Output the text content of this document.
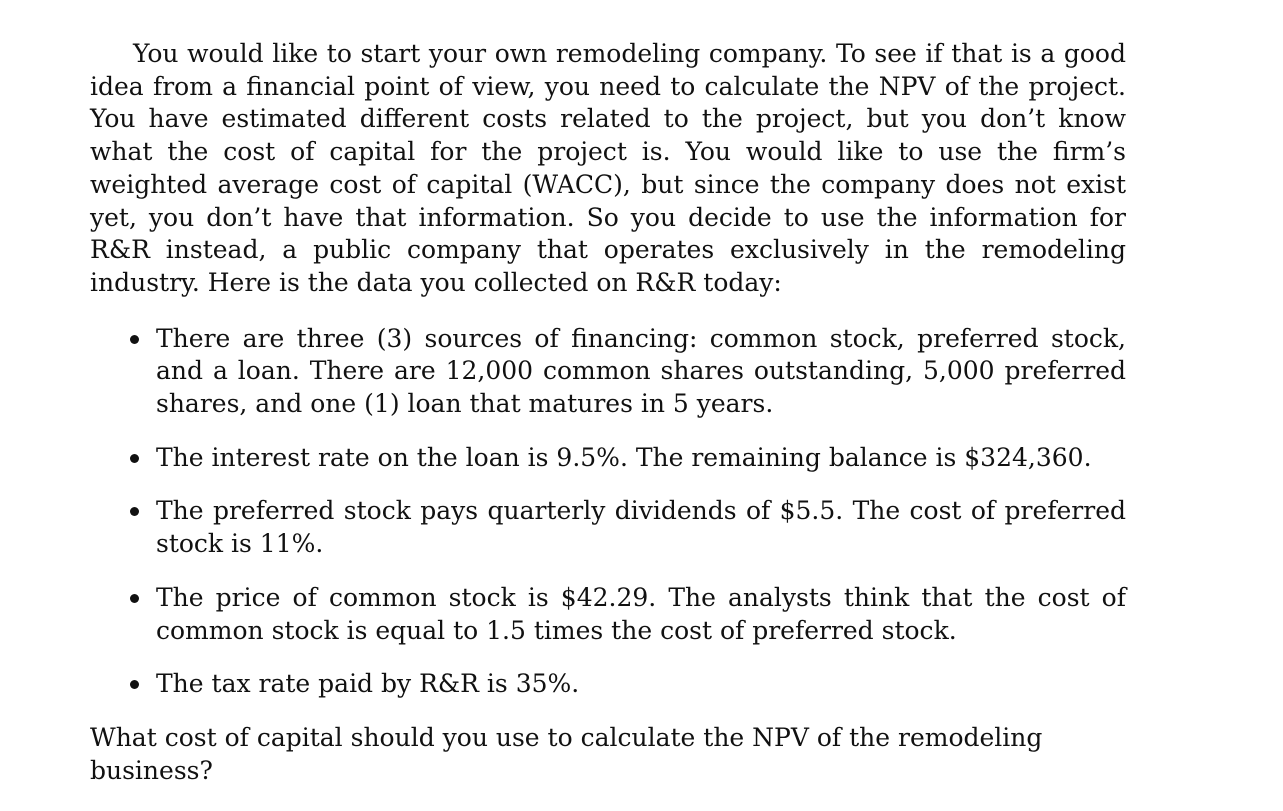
You would like to start your own remodeling company. To see if that is a good idea from a financial point of view, you need to calculate the NPV of the project. You have estimated different costs related to the project, but you don’t know what the cost of capital for the project is. You would like to use the firm’s weighted average cost of capital (WACC), but since the company does not exist yet, you don’t have that information. So you decide to use the information for R&R instead, a public company that operates exclusively in the remodeling industry. Here is the data you collected on R&R today:

There are three (3) sources of financing: common stock, preferred stock, and a loan. There are 12,000 common shares outstanding, 5,000 preferred shares, and one (1) loan that matures in 5 years.
The interest rate on the loan is 9.5%. The remaining balance is $324,360.
The preferred stock pays quarterly dividends of $5.5. The cost of preferred stock is 11%.
The price of common stock is $42.29. The analysts think that the cost of common stock is equal to 1.5 times the cost of preferred stock.
The tax rate paid by R&R is 35%.

What cost of capital should you use to calculate the NPV of the remodeling business?
